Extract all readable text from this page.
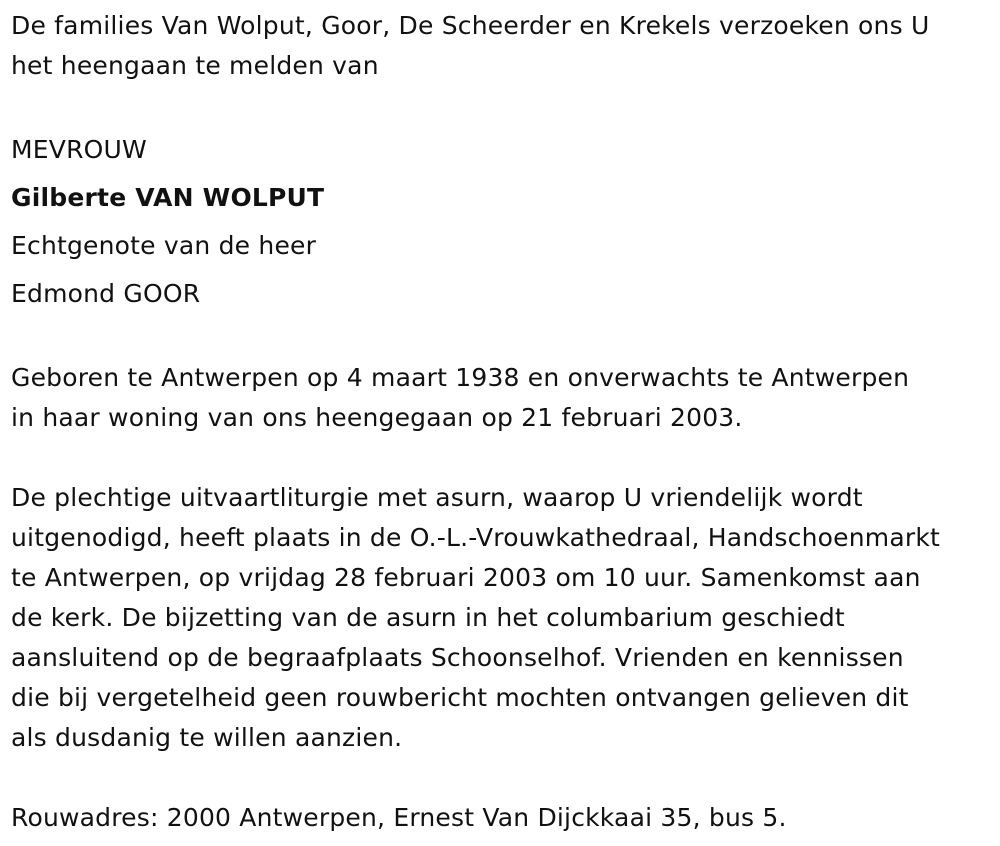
De families Van Wolput, Goor, De Scheerder en Krekels verzoeken ons U
het heengaan te melden van

MEVROUW
Gilberte VAN WOLPUT
Echtgenote van de heer
Edmond GOOR

Geboren te Antwerpen op 4 maart 1938 en onverwachts te Antwerpen
in haar woning van ons heengegaan op 21 februari 2003.

De plechtige uitvaartliturgie met asurn, waarop U vriendelijk wordt
uitgenodigd, heeft plaats in de O.-L.-Vrouwkathedraal, Handschoenmarkt
te Antwerpen, op vrijdag 28 februari 2003 om 10 uur. Samenkomst aan
de kerk. De bijzetting van de asurn in het columbarium geschiedt
aansluitend op de begraafplaats Schoonselhof. Vrienden en kennissen
die bij vergetelheid geen rouwbericht mochten ontvangen gelieven dit
als dusdanig te willen aanzien.

Rouwadres: 2000 Antwerpen, Ernest Van Dijckkaai 35, bus 5.
